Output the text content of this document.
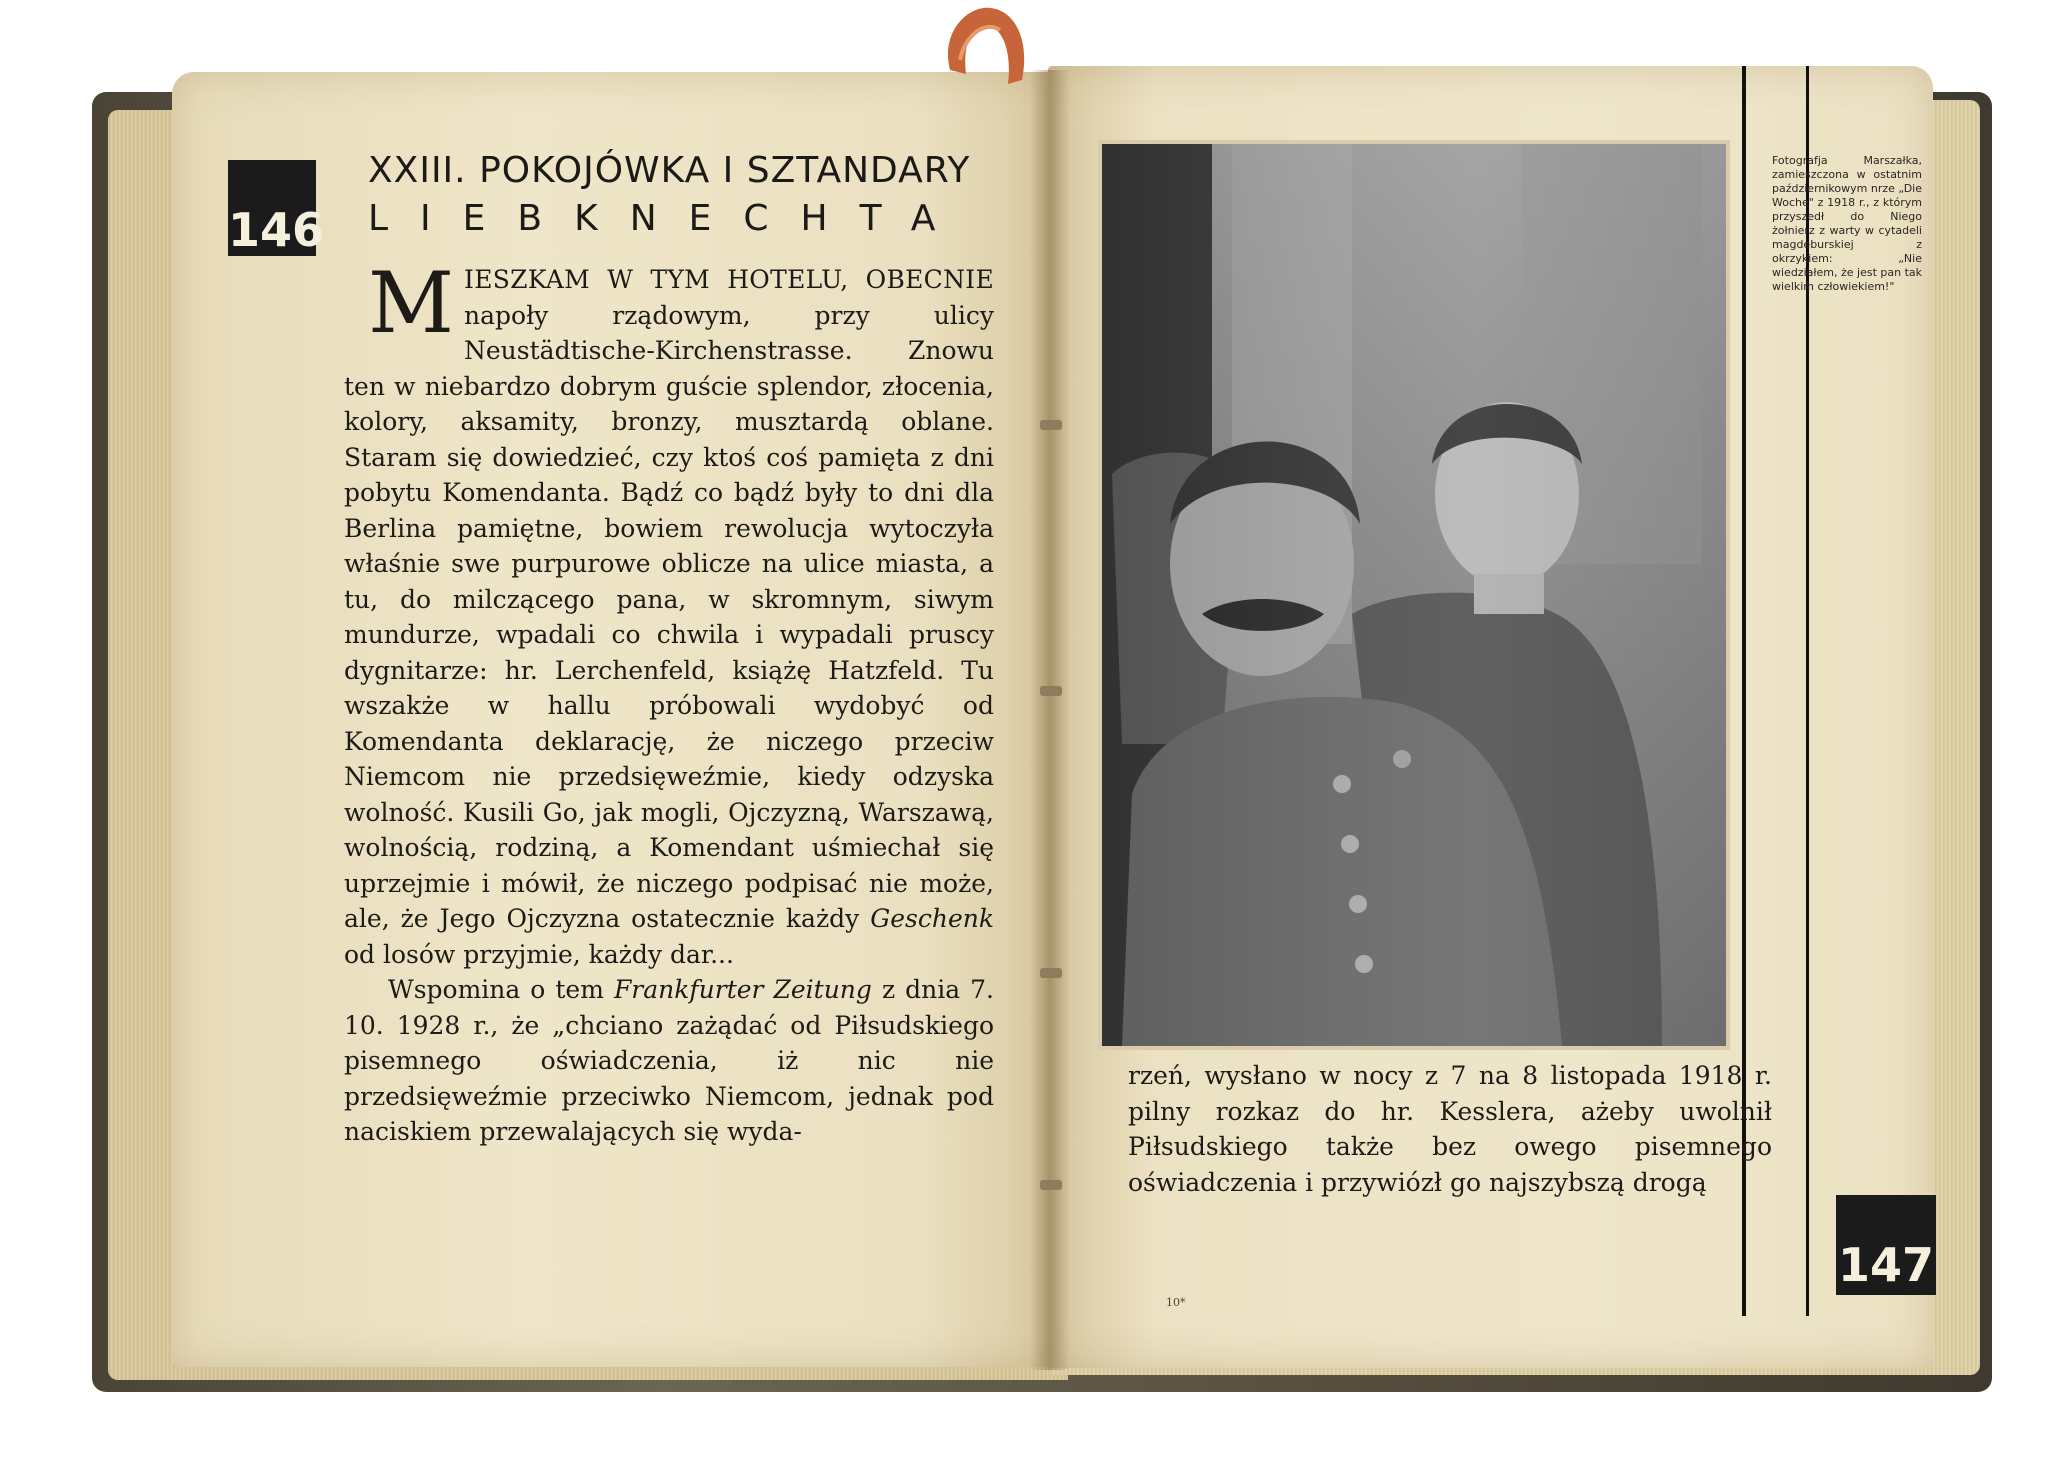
146
XXIII. POKOJÓWKA I SZTANDARY
LIEBKNECHTA

M IESZKAM W TYM HOTELU, OBECNIE napoły rządowym, przy ulicy Neustädtische-Kirchenstrasse. Znowu ten w niebardzo dobrym guście splendor, złocenia, kolory, aksamity, bronzy, musztardą oblane. Staram się dowiedzieć, czy ktoś coś pamięta z dni pobytu Komendanta. Bądź co bądź były to dni dla Berlina pamiętne, bowiem rewolucja wytoczyła właśnie swe purpurowe oblicze na ulice miasta, a tu, do milczącego pana, w skromnym, siwym mundurze, wpadali co chwila i wypadali pruscy dygnitarze: hr. Lerchenfeld, książę Hatzfeld. Tu wszakże w hallu próbowali wydobyć od Komendanta deklarację, że niczego przeciw Niemcom nie przedsięweźmie, kiedy odzyska wolność. Kusili Go, jak mogli, Ojczyzną, Warszawą, wolnością, rodziną, a Komendant uśmiechał się uprzejmie i mówił, że niczego podpisać nie może, ale, że Jego Ojczyzna ostatecznie każdy Geschenk od losów przyjmie, każdy dar...

Wspomina o tem Frankfurter Zeitung z dnia 7. 10. 1928 r., że „chciano zażądać od Piłsudskiego pisemnego oświadczenia, iż nic nie przedsięweźmie przeciwko Niemcom, jednak pod naciskiem przewalających się wyda-

Fotografja Marszałka, zamieszczona w ostatnim październikowym nrze „Die Woche" z 1918 r., z którym przyszedł do Niego żołnierz z warty w cytadeli magdeburskiej z okrzykiem: „Nie wiedziałem, że jest pan tak wielkim człowiekiem!"
rzeń, wysłano w nocy z 7 na 8 listopada 1918 r. pilny rozkaz do hr. Kesslera, ażeby uwolnił Piłsudskiego także bez owego pisemnego oświadczenia i przywiózł go najszybszą drogą
147
10*
